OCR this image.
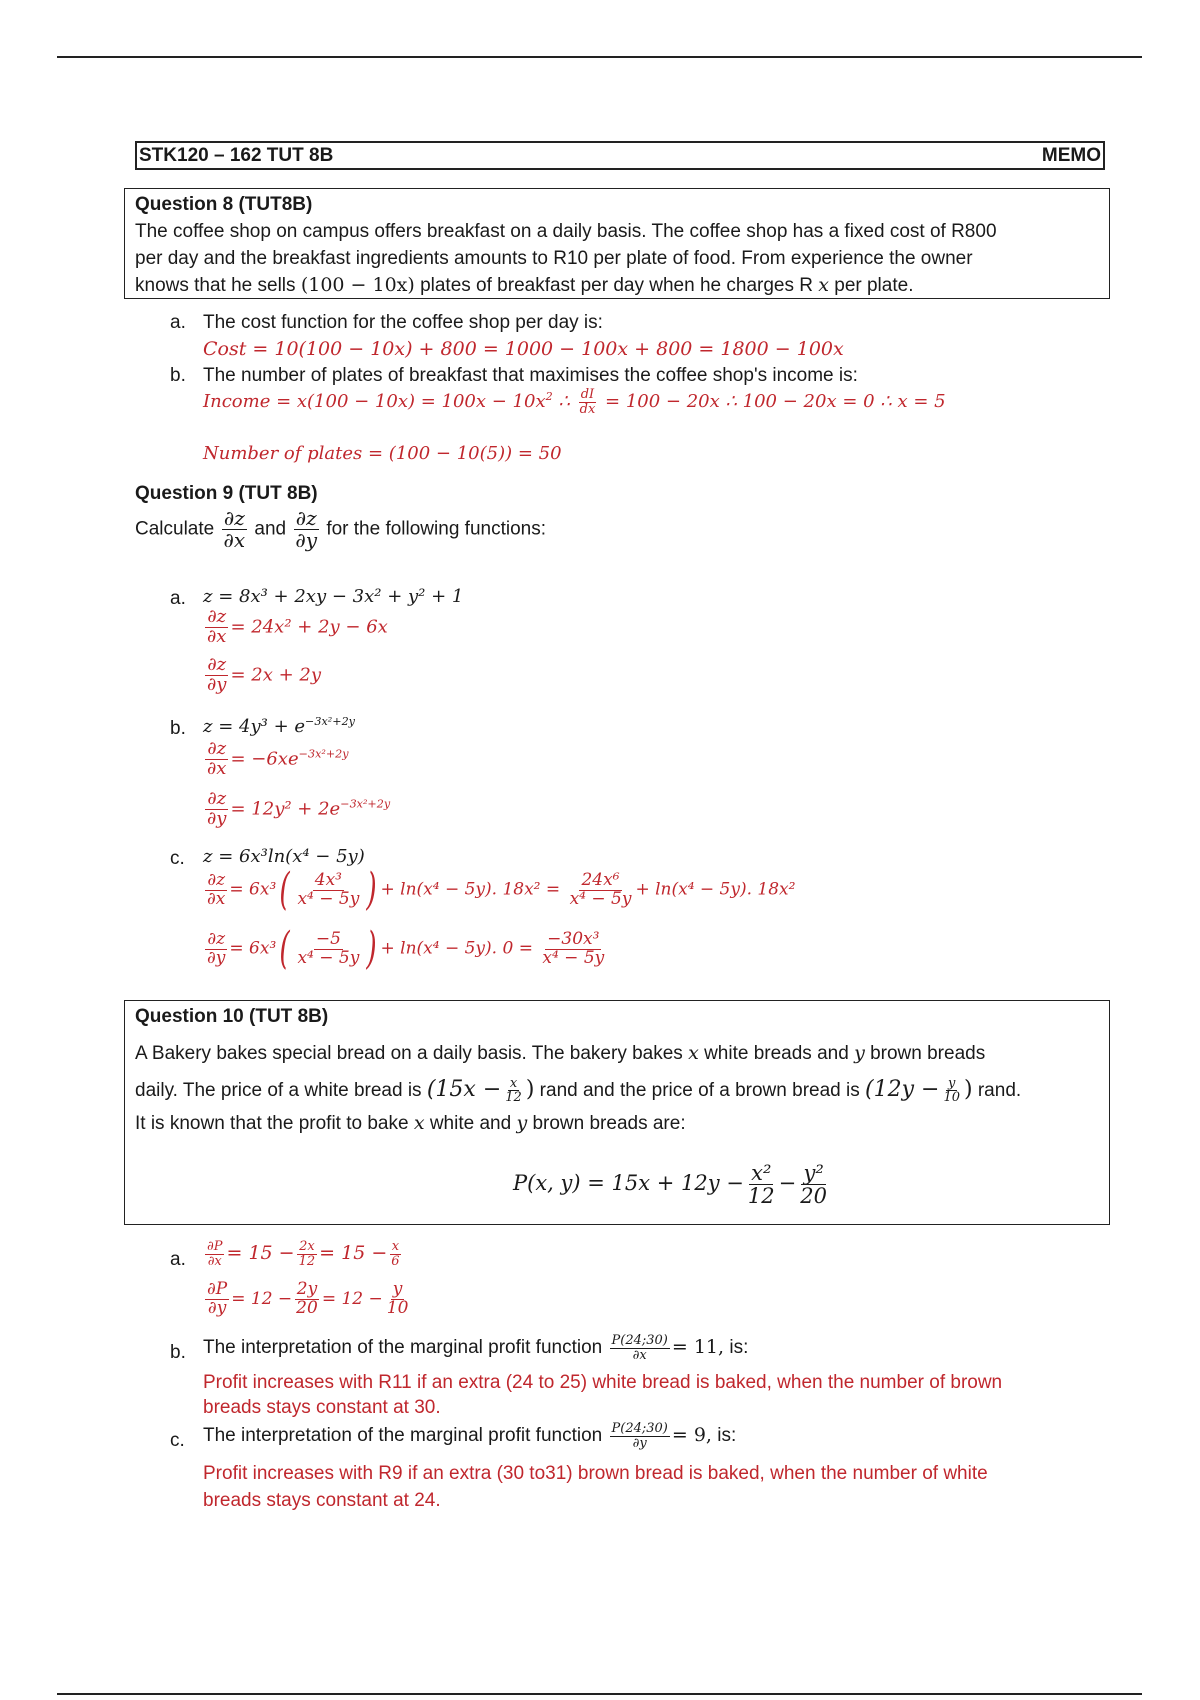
STK120 – 162 TUT 8B	MEMO
Question 8 (TUT8B)
The coffee shop on campus offers breakfast on a daily basis. The coffee shop has a fixed cost of R800
per day and the breakfast ingredients amounts to R10 per plate of food. From experience the owner
knows that he sells (100 − 10x) plates of breakfast per day when he charges R x per plate.
a. The cost function for the coffee shop per day is:
Cost = 10(100 − 10x) + 800 = 1000 − 100x + 800 = 1800 − 100x
b. The number of plates of breakfast that maximises the coffee shop's income is:
Income = $x(100 - 10x) = 100x - 10x^2$ ∴ $\frac{dI}{dx} = 100 - 20x$ ∴ 100 − 20x = 0 ∴ x = 5
Number of plates = (100 − 10(5)) = 50
Question 9 (TUT 8B)
Calculate $\frac{\partial z}{\partial x}$ and $\frac{\partial z}{\partial y}$ for the following functions:
a. z = 8x³ + 2xy − 3x² + y² + 1
$\frac{\partial z}{\partial x} = 24x^2 + 2y - 6x$
$\frac{\partial z}{\partial y} = 2x + 2y$
b. $z = 4y^3 + e^{-3x^2+2y}$
$\frac{\partial z}{\partial x} = -6xe^{-3x^2+2y}$
$\frac{\partial z}{\partial y} = 12y^2 + 2e^{-3x^2+2y}$
c. z = 6x³ln(x⁴ − 5y)
$\frac{\partial z}{\partial x} = 6x^3( \frac{\text{4x³}}{\text{x⁴ − 5y}}$ ) + ln(x⁴ − 5y). $18x^2 = \frac{\text{24x⁶}}{\text{x⁴ − 5y}} + \ln(x^4 - 5y)$. 18x²
$\frac{\partial z}{\partial y} = 6x^3( \frac{-5}{\text{x⁴ − 5y}}$ ) + ln(x⁴ − 5y). $0 = \frac{\text{−30x³}}{\text{x⁴ − 5y}}$
Question 10 (TUT 8B)
A Bakery bakes special bread on a daily basis. The bakery bakes x white breads and y brown breads
daily. The price of a white bread is ($15x - \frac{x}{12}$ ) rand and the price of a brown bread is ($12y - \frac{y}{10}$ ) rand.
It is known that the profit to bake x white and y brown breads are:
P(x, $y) = 15x + 12y - \frac{\text{x²}}{12} - \frac{\text{y²}}{20}$
a. $\frac{\partial P}{\partial x} = 15 - \frac{2x}{12} = 15 - \frac{x}{6}$
$\frac{\partial P}{\partial y} = 12 - \frac{2y}{20} = 12 - \frac{y}{10}$
b. The interpretation of the marginal profit function $\frac{P(24;30)}{\partial x} = 11$, is:
Profit increases with R11 if an extra (24 to 25) white bread is baked, when the number of brown
breads stays constant at 30.
c. The interpretation of the marginal profit function $\frac{P(24;30)}{\partial y} = 9$, is:
Profit increases with R9 if an extra (30 to31) brown bread is baked, when the number of white
breads stays constant at 24.
